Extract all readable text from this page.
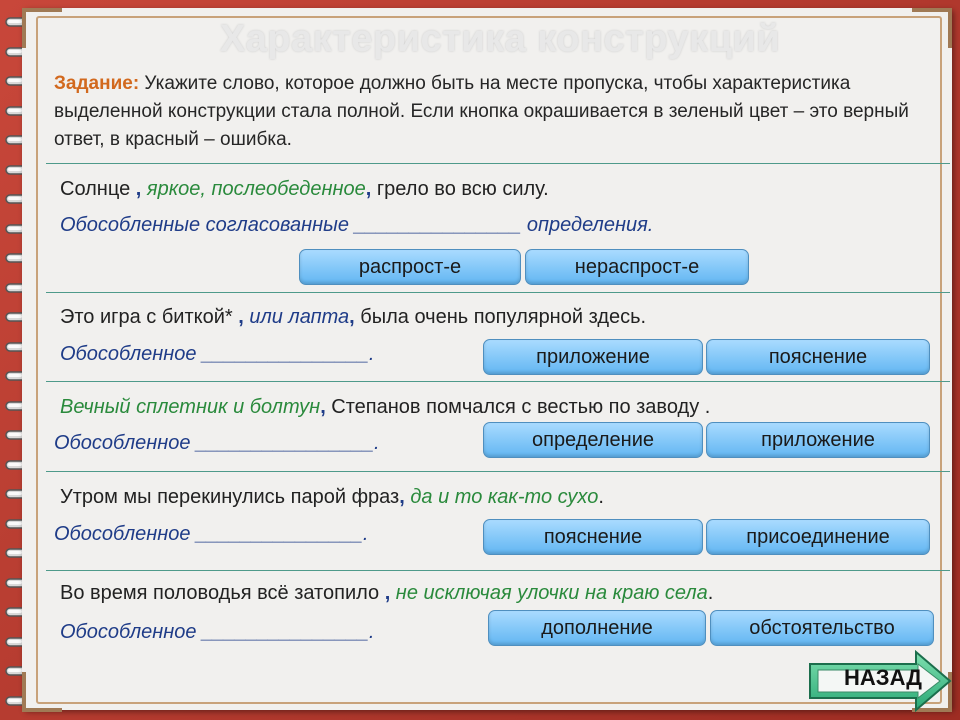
Характеристика конструкций
Задание: Укажите слово, которое должно быть на месте пропуска, чтобы характеристика выделенной конструкции стала полной. Если кнопка окрашивается в зеленый цвет – это верный ответ, в красный – ошибка.
Солнце , яркое, послеобеденное, грело во всю силу.
Обособленные согласованные _______________ определения.
распрост-е	нераспрост-е
Это игра с биткой* , или лапта, была очень популярной здесь.
Обособленное _______________.	приложение	пояснение
Вечный сплетник и болтун, Степанов помчался с вестью по заводу .
Обособленное ________________.	определение	приложение
Утром мы перекинулись парой фраз, да и то как-то сухо.
Обособленное _______________.	пояснение	присоединение
Во время половодья всё затопило , не исключая улочки на краю села.
Обособленное _______________.	дополнение	обстоятельство
НАЗАД
